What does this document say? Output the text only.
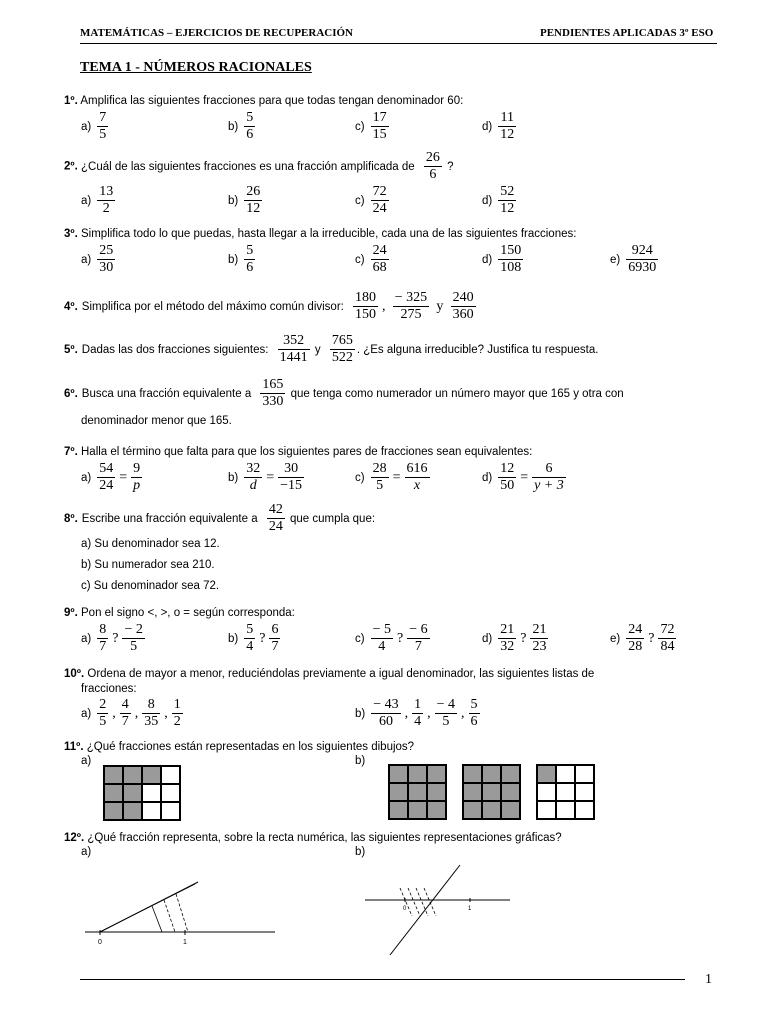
MATEMÁTICAS – EJERCICIOS DE RECUPERACIÓN	PENDIENTES APLICADAS 3º ESO
TEMA 1 - NÚMEROS RACIONALES
1º. Amplifica las siguientes fracciones para que todas tengan denominador 60:
2º. ¿Cuál de las siguientes fracciones es una fracción amplificada de $\frac{26}{6}$ ?
3º. Simplifica todo lo que puedas, hasta llegar a la irreducible, cada una de las siguientes fracciones:
4º. Simplifica por el método del máximo común divisor: $\frac{180}{150}$ , $\frac{- 325}{275}$ y $\frac{240}{360}$
5º. Dadas las dos fracciones siguientes: $\frac{352}{1441}$ y $\frac{765}{522}$ . ¿Es alguna irreducible? Justifica tu respuesta.
6º. Busca una fracción equivalente a $\frac{165}{330}$ que tenga como numerador un número mayor que 165 y otra con
denominador menor que 165.
7º. Halla el término que falta para que los siguientes pares de fracciones sean equivalentes:
8º. Escribe una fracción equivalente a $\frac{42}{24}$ que cumpla que:
a) Su denominador sea 12.
b) Su numerador sea 210.
c) Su denominador sea 72.
9º. Pon el signo <, >, o = según corresponda:
10º. Ordena de mayor a menor, reduciéndolas previamente a igual denominador, las siguientes listas de
fracciones:
$a) \frac{2}{5}$ , $\frac{4}{7}$ , $\frac{8}{35}$ , $\frac{1}{2}$	$b) \frac{- 43}{60}$ , $\frac{1}{4}$ , $\frac{- 4}{5}$ , $\frac{5}{6}$
11º. ¿Qué fracciones están representadas en los siguientes dibujos?
a)	b)
12º. ¿Qué fracción representa, sobre la recta numérica, las siguientes representaciones gráficas?
a)	b)
0	1
0	1
1
$a) \frac{7}{5}$	$b) \frac{5}{6}$	$c) \frac{17}{15}$	$d) \frac{11}{12}$
$a) \frac{13}{2}$	$b) \frac{26}{12}$	$c) \frac{72}{24}$	$d) \frac{52}{12}$
$a) \frac{25}{30}$	$b) \frac{5}{6}$	$c) \frac{24}{68}$	$d) \frac{150}{108}$	$e) \frac{924}{6930}$
$a) \frac{54}{24} = \frac{9}{p}$	$b) \frac{32}{d} = \frac{30}{-15}$	$c) \frac{28}{5} = \frac{616}{x}$	$d) \frac{12}{50} = \frac{6}{y + 3}$
$a) \frac{8}{7}$ ? $\frac{- 2}{5}$	$b) \frac{5}{4}$ ? $\frac{6}{7}$	$c) \frac{- 5}{4}$ ? $\frac{- 6}{7}$	$d) \frac{21}{32}$ ? $\frac{21}{23}$	$e) \frac{24}{28}$ ? $\frac{72}{84}$
